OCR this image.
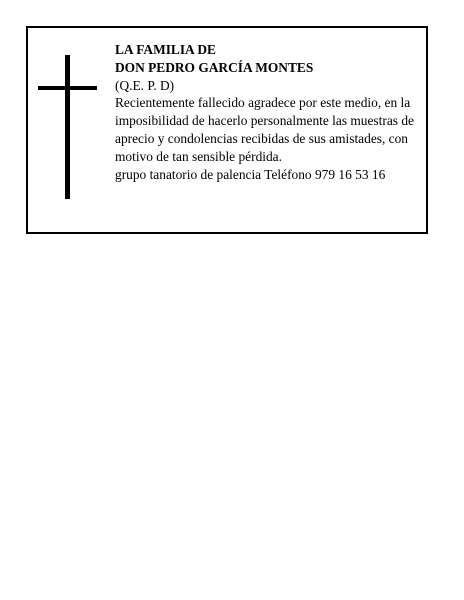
LA FAMILIA DE
DON PEDRO GARCÍA MONTES
(Q.E. P. D)
Recientemente fallecido agradece por este medio, en la imposibilidad de hacerlo personalmente las muestras de aprecio y condolencias recibidas de sus amistades, con motivo de tan sensible pérdida.
grupo tanatorio de palencia Teléfono 979 16 53 16
